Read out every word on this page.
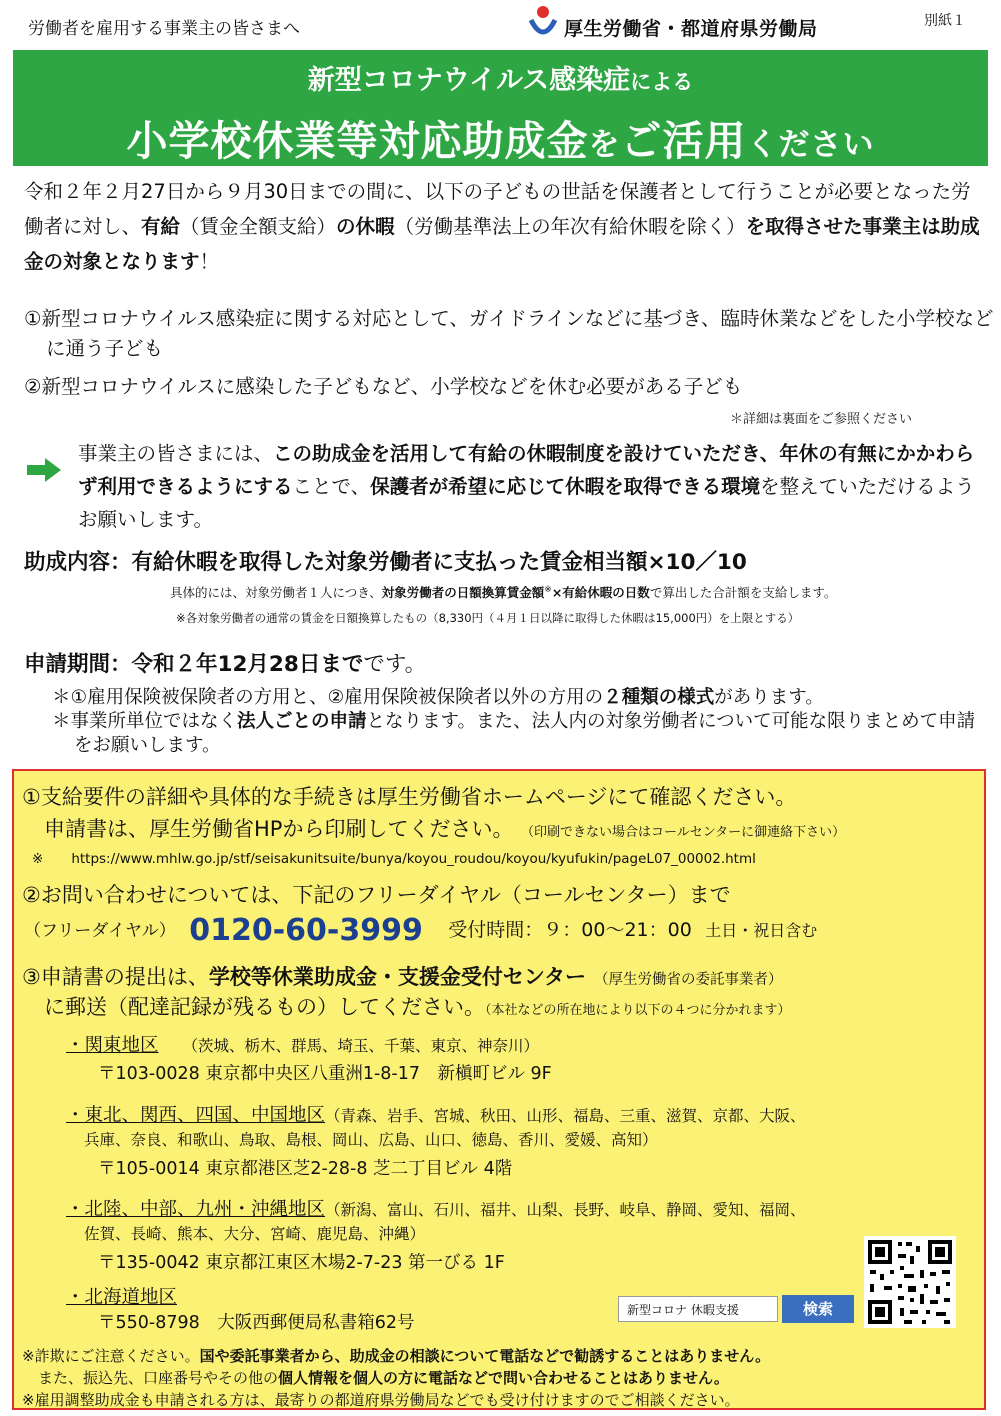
労働者を雇用する事業主の皆さまへ	厚生労働省・都道府県労働局	別紙１
新型コロナウイルス感染症による
小学校休業等対応助成金をご活用ください
令和２年２月27日から９月30日までの間に、以下の子どもの世話を保護者として行うことが必要となった労働者に対し、有給（賃金全額支給）の休暇（労働基準法上の年次有給休暇を除く）を取得させた事業主は助成金の対象となります！
①新型コロナウイルス感染症に関する対応として、ガイドラインなどに基づき、臨時休業などをした小学校などに通う子ども
②新型コロナウイルスに感染した子どもなど、小学校などを休む必要がある子ども
＊詳細は裏面をご参照ください
事業主の皆さまには、この助成金を活用して有給の休暇制度を設けていただき、年休の有無にかかわらず利用できるようにすることで、保護者が希望に応じて休暇を取得できる環境を整えていただけるようお願いします。
助成内容：有給休暇を取得した対象労働者に支払った賃金相当額×10／10
具体的には、対象労働者１人につき、対象労働者の日額換算賃金額※×有給休暇の日数で算出した合計額を支給します。
※各対象労働者の通常の賃金を日額換算したもの（8,330円（４月１日以降に取得した休暇は15,000円）を上限とする）
申請期間：令和２年12月28日までです。
＊①雇用保険被保険者の方用と、②雇用保険被保険者以外の方用の２種類の様式があります。
＊事業所単位ではなく法人ごとの申請となります。また、法人内の対象労働者について可能な限りまとめて申請をお願いします。
①支給要件の詳細や具体的な手続きは厚生労働省ホームページにて確認ください。
申請書は、厚生労働省HPから印刷してください。 （印刷できない場合はコールセンターに御連絡下さい）
※ https://www.mhlw.go.jp/stf/seisakunitsuite/bunya/koyou_roudou/koyou/kyufukin/pageL07_00002.html
②お問い合わせについては、下記のフリーダイヤル（コールセンター）まで
（フリーダイヤル） 0120-60-3999 受付時間：９：00～21：00 土日・祝日含む
③申請書の提出は、学校等休業助成金・支援金受付センター （厚生労働省の委託事業者）
に郵送（配達記録が残るもの）してください。（本社などの所在地により以下の４つに分かれます）
・関東地区 （茨城、栃木、群馬、埼玉、千葉、東京、神奈川）
〒103-0028 東京都中央区八重洲1-8-17　新槇町ビル 9F
・東北、関西、四国、中国地区（青森、岩手、宮城、秋田、山形、福島、三重、滋賀、京都、大阪、
兵庫、奈良、和歌山、鳥取、島根、岡山、広島、山口、徳島、香川、愛媛、高知）
〒105-0014 東京都港区芝2-28-8 芝二丁目ビル 4階
・北陸、中部、九州・沖縄地区（新潟、富山、石川、福井、山梨、長野、岐阜、静岡、愛知、福岡、
佐賀、長崎、熊本、大分、宮崎、鹿児島、沖縄）
〒135-0042 東京都江東区木場2-7-23 第一びる 1F
・北海道地区
〒550-8798　大阪西郵便局私書箱62号
※詐欺にご注意ください。国や委託事業者から、助成金の相談について電話などで勧誘することはありません。
また、振込先、口座番号やその他の個人情報を個人の方に電話などで問い合わせることはありません。
※雇用調整助成金も申請される方は、最寄りの都道府県労働局などでも受け付けますのでご相談ください。
新型コロナ 休暇支援	検索
